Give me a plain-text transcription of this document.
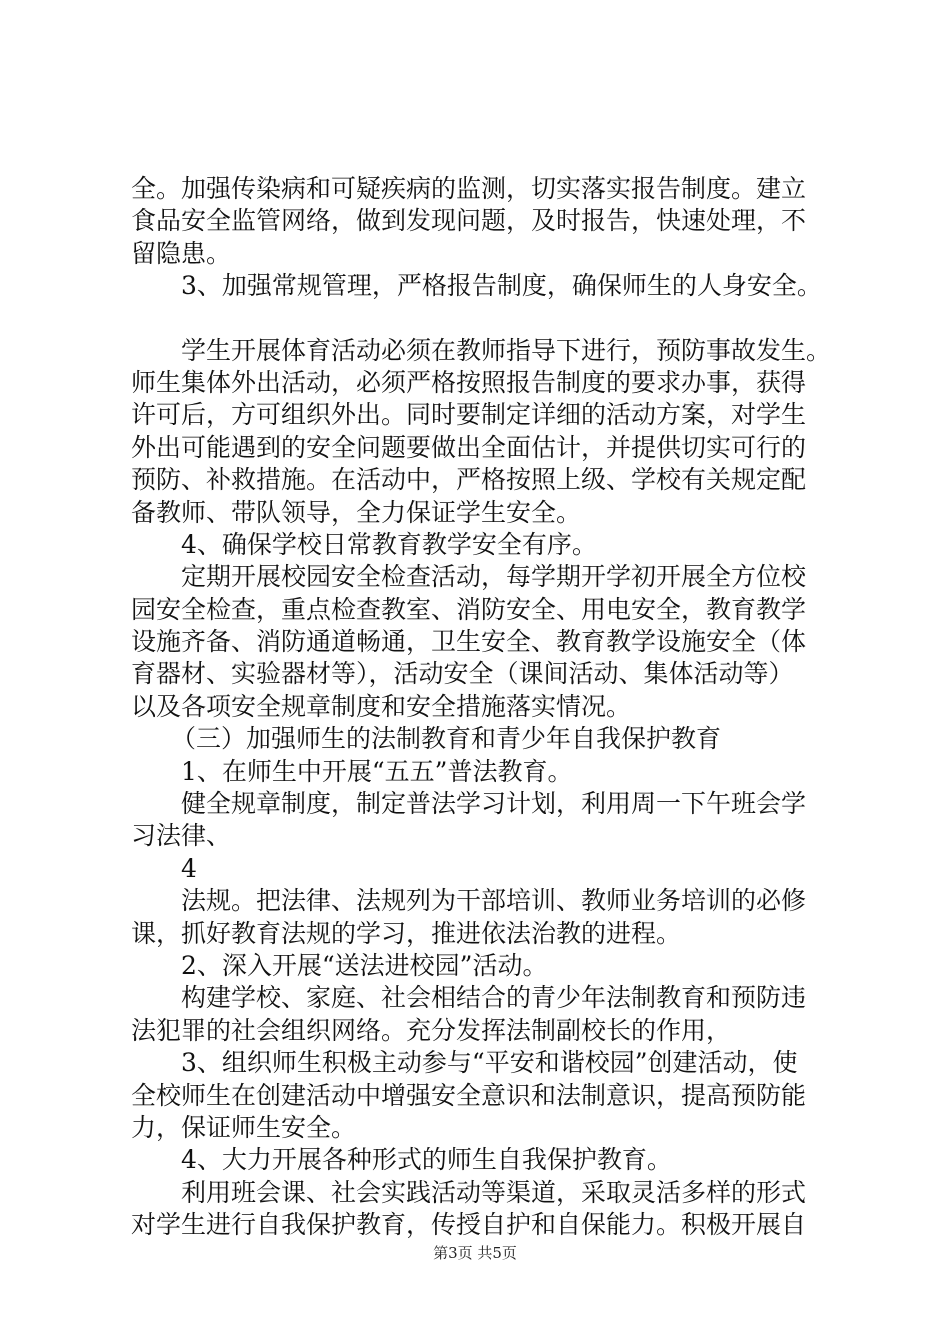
全。加强传染病和可疑疾病的监测，切实落实报告制度。建立
食品安全监管网络，做到发现问题，及时报告，快速处理，不
留隐患。
3、加强常规管理，严格报告制度，确保师生的人身安全。
学生开展体育活动必须在教师指导下进行，预防事故发生。
师生集体外出活动，必须严格按照报告制度的要求办事，获得
许可后，方可组织外出。同时要制定详细的活动方案，对学生
外出可能遇到的安全问题要做出全面估计，并提供切实可行的
预防、补救措施。在活动中，严格按照上级、学校有关规定配
备教师、带队领导，全力保证学生安全。
4、确保学校日常教育教学安全有序。
定期开展校园安全检查活动，每学期开学初开展全方位校
园安全检查，重点检查教室、消防安全、用电安全，教育教学
设施齐备、消防通道畅通，卫生安全、教育教学设施安全（体
育器材、实验器材等），活动安全（课间活动、集体活动等）
以及各项安全规章制度和安全措施落实情况。
（三）加强师生的法制教育和青少年自我保护教育
1、在师生中开展“五五”普法教育。
健全规章制度，制定普法学习计划，利用周一下午班会学
习法律、
4
法规。把法律、法规列为干部培训、教师业务培训的必修
课，抓好教育法规的学习，推进依法治教的进程。
2、深入开展“送法进校园”活动。
构建学校、家庭、社会相结合的青少年法制教育和预防违
法犯罪的社会组织网络。充分发挥法制副校长的作用，
3、组织师生积极主动参与“平安和谐校园”创建活动，使
全校师生在创建活动中增强安全意识和法制意识，提高预防能
力，保证师生安全。
4、大力开展各种形式的师生自我保护教育。
利用班会课、社会实践活动等渠道，采取灵活多样的形式
对学生进行自我保护教育，传授自护和自保能力。积极开展自
第3页 共5页
